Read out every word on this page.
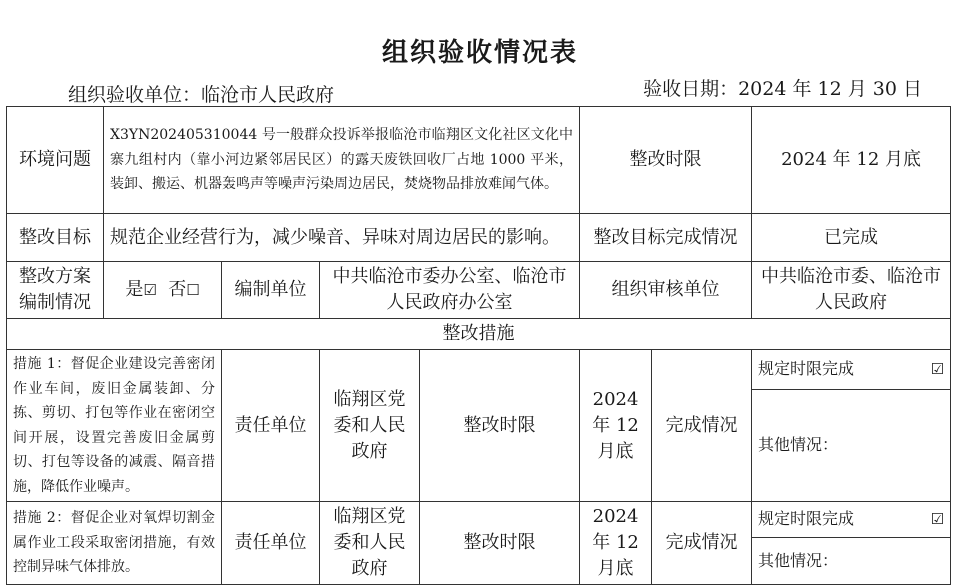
组织验收情况表
组织验收单位：临沧市人民政府	验收日期：2024 年 12 月 30 日
环境问题	X3YN202405310044 号一般群众投诉举报临沧市临翔区文化社区文化中寨九组村内（靠小河边紧邻居民区）的露天废铁回收厂占地 1000 平米，装卸、搬运、机器轰鸣声等噪声污染周边居民，焚烧物品排放难闻气体。				整改时限		2024 年 12 月底
整改目标	规范企业经营行为，减少噪音、异味对周边居民的影响。				整改目标完成情况		已完成
整改方案编制情况	是☑ 否☐	编制单位	中共临沧市委办公室、临沧市人民政府办公室		组织审核单位		中共临沧市委、临沧市人民政府
整改措施							
措施 1：督促企业建设完善密闭作业车间，废旧金属装卸、分拣、剪切、打包等作业在密闭空间开展，设置完善废旧金属剪切、打包等设备的减震、隔音措施，降低作业噪声。		责任单位	临翔区党委和人民政府	整改时限	2024 年 12 月底	完成情况	规定时限完成 ☑

							其他情况：
措施 2：督促企业对氧焊切割金属作业工段采取密闭措施，有效控制异味气体排放。		责任单位	临翔区党委和人民政府	整改时限	2024 年 12 月底	完成情况	规定时限完成 ☑

							其他情况：
